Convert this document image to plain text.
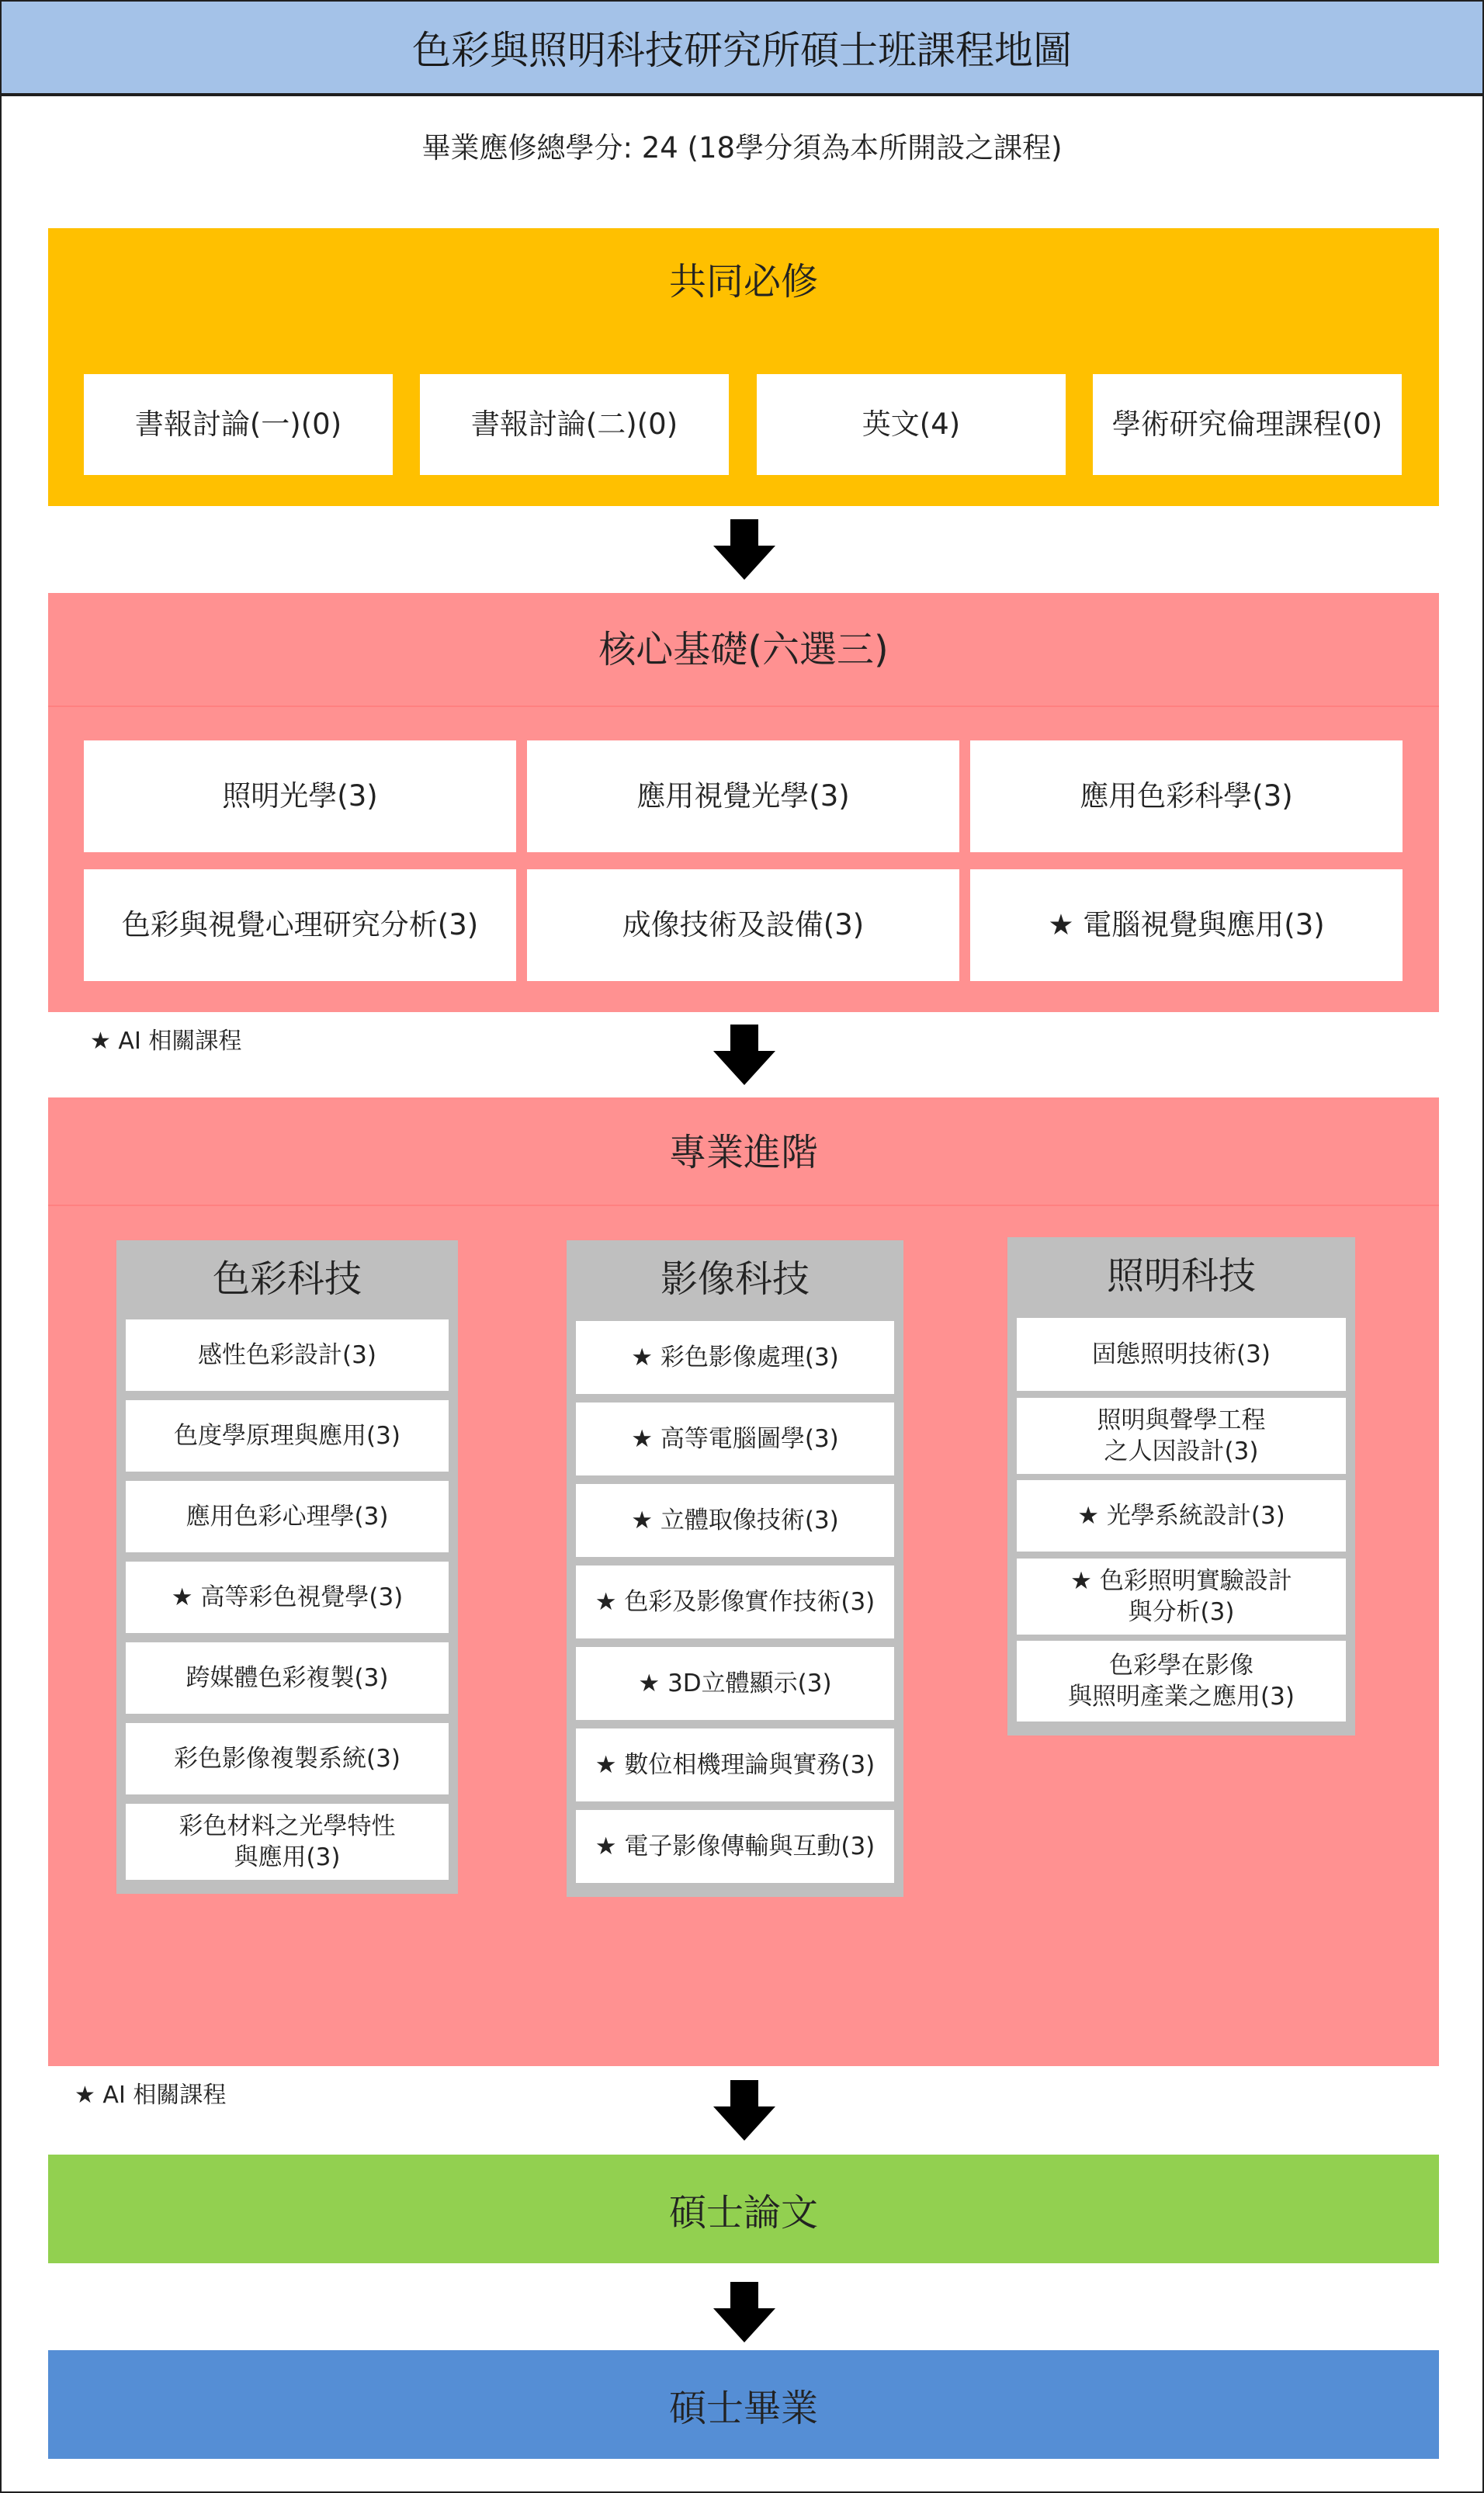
色彩與照明科技研究所碩士班課程地圖
畢業應修總學分: 24 (18學分須為本所開設之課程)
共同必修
書報討論(一)(0)	書報討論(二)(0)	英文(4)	學術研究倫理課程(0)
核心基礎(六選三)
照明光學(3)	應用視覺光學(3)	應用色彩科學(3)
色彩與視覺心理研究分析(3)	成像技術及設備(3)	★ 電腦視覺與應用(3)
★ AI 相關課程
專業進階
色彩科技
感性色彩設計(3)
色度學原理與應用(3)
應用色彩心理學(3)
★ 高等彩色視覺學(3)
跨媒體色彩複製(3)
彩色影像複製系統(3)
彩色材料之光學特性
與應用(3)
影像科技
★ 彩色影像處理(3)
★ 高等電腦圖學(3)
★ 立體取像技術(3)
★ 色彩及影像實作技術(3)
★ 3D立體顯示(3)
★ 數位相機理論與實務(3)
★ 電子影像傳輸與互動(3)
照明科技
固態照明技術(3)
照明與聲學工程
之人因設計(3)
★ 光學系統設計(3)
★ 色彩照明實驗設計
與分析(3)
色彩學在影像
與照明產業之應用(3)
★ AI 相關課程
碩士論文
碩士畢業
